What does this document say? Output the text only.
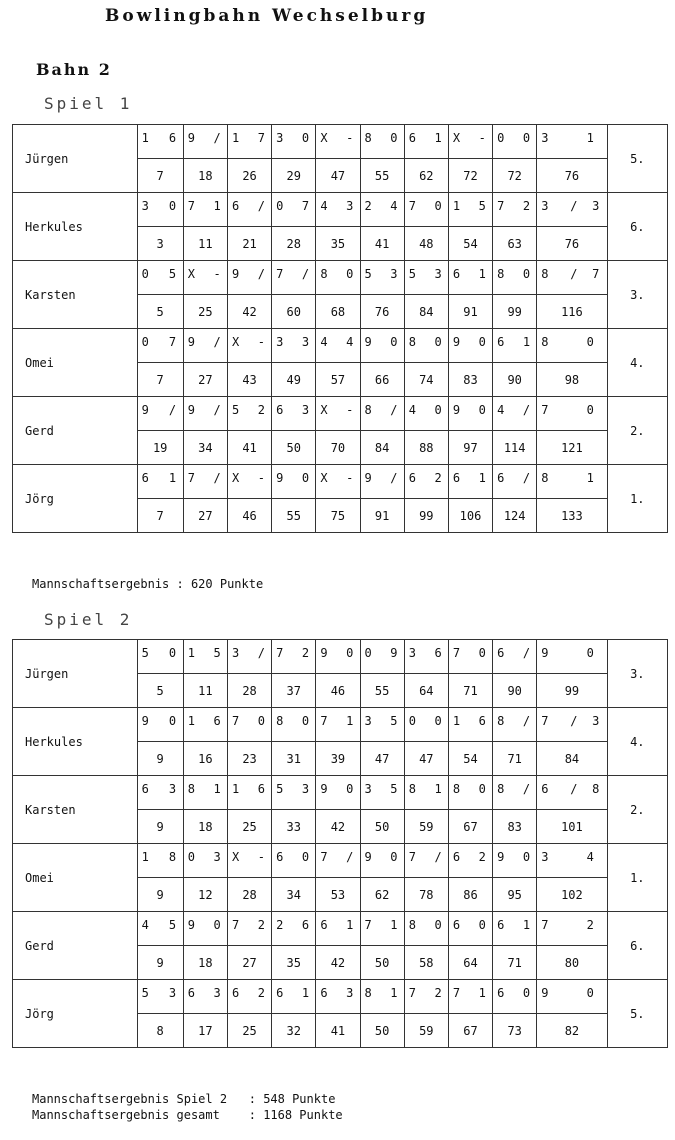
Bowlingbahn Wechselburg
Bahn 2
Spiel 1
Jürgen	1 6	9 /	1 7	3 0	X -	8 0	6 1	X -	0 0	3 1	5.
	7	18	26	29	47	55	62	72	72	76	
Herkules	3 0	7 1	6 /	0 7	4 3	2 4	7 0	1 5	7 2	3 / 3	6.
	3	11	21	28	35	41	48	54	63	76	
Karsten	0 5	X -	9 /	7 /	8 0	5 3	5 3	6 1	8 0	8 / 7	3.
	5	25	42	60	68	76	84	91	99	116	
Omei	0 7	9 /	X -	3 3	4 4	9 0	8 0	9 0	6 1	8 0	4.
	7	27	43	49	57	66	74	83	90	98	
Gerd	9 /	9 /	5 2	6 3	X -	8 /	4 0	9 0	4 /	7 0	2.
	19	34	41	50	70	84	88	97	114	121	
Jörg	6 1	7 /	X -	9 0	X -	9 /	6 2	6 1	6 /	8 1	1.
	7	27	46	55	75	91	99	106	124	133	
Mannschaftsergebnis : 620 Punkte
Spiel 2
Jürgen	5 0	1 5	3 /	7 2	9 0	0 9	3 6	7 0	6 /	9 0	3.
	5	11	28	37	46	55	64	71	90	99	
Herkules	9 0	1 6	7 0	8 0	7 1	3 5	0 0	1 6	8 /	7 / 3	4.
	9	16	23	31	39	47	47	54	71	84	
Karsten	6 3	8 1	1 6	5 3	9 0	3 5	8 1	8 0	8 /	6 / 8	2.
	9	18	25	33	42	50	59	67	83	101	
Omei	1 8	0 3	X -	6 0	7 /	9 0	7 /	6 2	9 0	3 4	1.
	9	12	28	34	53	62	78	86	95	102	
Gerd	4 5	9 0	7 2	2 6	6 1	7 1	8 0	6 0	6 1	7 2	6.
	9	18	27	35	42	50	58	64	71	80	
Jörg	5 3	6 3	6 2	6 1	6 3	8 1	7 2	7 1	6 0	9 0	5.
	8	17	25	32	41	50	59	67	73	82	
Mannschaftsergebnis Spiel 2   : 548 Punkte
Mannschaftsergebnis gesamt    : 1168 Punkte
